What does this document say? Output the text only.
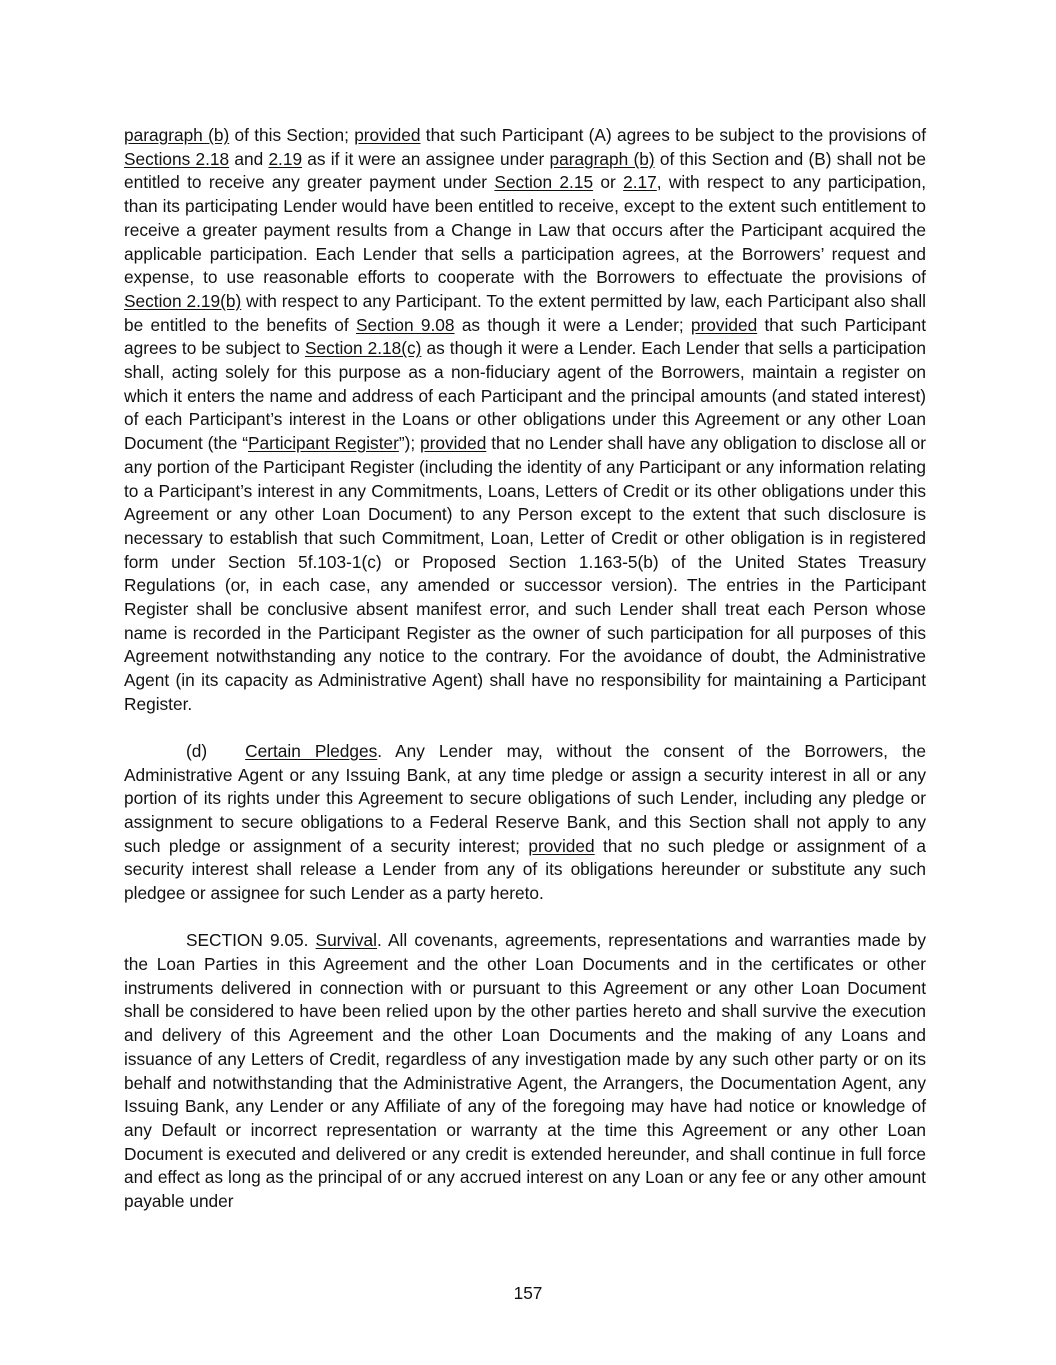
paragraph (b) of this Section; provided that such Participant (A) agrees to be subject to the provisions of Sections 2.18 and 2.19 as if it were an assignee under paragraph (b) of this Section and (B) shall not be entitled to receive any greater payment under Section 2.15 or 2.17, with respect to any participation, than its participating Lender would have been entitled to receive, except to the extent such entitlement to receive a greater payment results from a Change in Law that occurs after the Participant acquired the applicable participation. Each Lender that sells a participation agrees, at the Borrowers’ request and expense, to use reasonable efforts to cooperate with the Borrowers to effectuate the provisions of Section 2.19(b) with respect to any Participant. To the extent permitted by law, each Participant also shall be entitled to the benefits of Section 9.08 as though it were a Lender; provided that such Participant agrees to be subject to Section 2.18(c) as though it were a Lender. Each Lender that sells a participation shall, acting solely for this purpose as a non-fiduciary agent of the Borrowers, maintain a register on which it enters the name and address of each Participant and the principal amounts (and stated interest) of each Participant’s interest in the Loans or other obligations under this Agreement or any other Loan Document (the “Participant Register”); provided that no Lender shall have any obligation to disclose all or any portion of the Participant Register (including the identity of any Participant or any information relating to a Participant’s interest in any Commitments, Loans, Letters of Credit or its other obligations under this Agreement or any other Loan Document) to any Person except to the extent that such disclosure is necessary to establish that such Commitment, Loan, Letter of Credit or other obligation is in registered form under Section 5f.103-1(c) or Proposed Section 1.163-5(b) of the United States Treasury Regulations (or, in each case, any amended or successor version). The entries in the Participant Register shall be conclusive absent manifest error, and such Lender shall treat each Person whose name is recorded in the Participant Register as the owner of such participation for all purposes of this Agreement notwithstanding any notice to the contrary. For the avoidance of doubt, the Administrative Agent (in its capacity as Administrative Agent) shall have no responsibility for maintaining a Participant Register.

(d) Certain Pledges. Any Lender may, without the consent of the Borrowers, the Administrative Agent or any Issuing Bank, at any time pledge or assign a security interest in all or any portion of its rights under this Agreement to secure obligations of such Lender, including any pledge or assignment to secure obligations to a Federal Reserve Bank, and this Section shall not apply to any such pledge or assignment of a security interest; provided that no such pledge or assignment of a security interest shall release a Lender from any of its obligations hereunder or substitute any such pledgee or assignee for such Lender as a party hereto.

SECTION 9.05. Survival. All covenants, agreements, representations and warranties made by the Loan Parties in this Agreement and the other Loan Documents and in the certificates or other instruments delivered in connection with or pursuant to this Agreement or any other Loan Document shall be considered to have been relied upon by the other parties hereto and shall survive the execution and delivery of this Agreement and the other Loan Documents and the making of any Loans and issuance of any Letters of Credit, regardless of any investigation made by any such other party or on its behalf and notwithstanding that the Administrative Agent, the Arrangers, the Documentation Agent, any Issuing Bank, any Lender or any Affiliate of any of the foregoing may have had notice or knowledge of any Default or incorrect representation or warranty at the time this Agreement or any other Loan Document is executed and delivered or any credit is extended hereunder, and shall continue in full force and effect as long as the principal of or any accrued interest on any Loan or any fee or any other amount payable under

157
